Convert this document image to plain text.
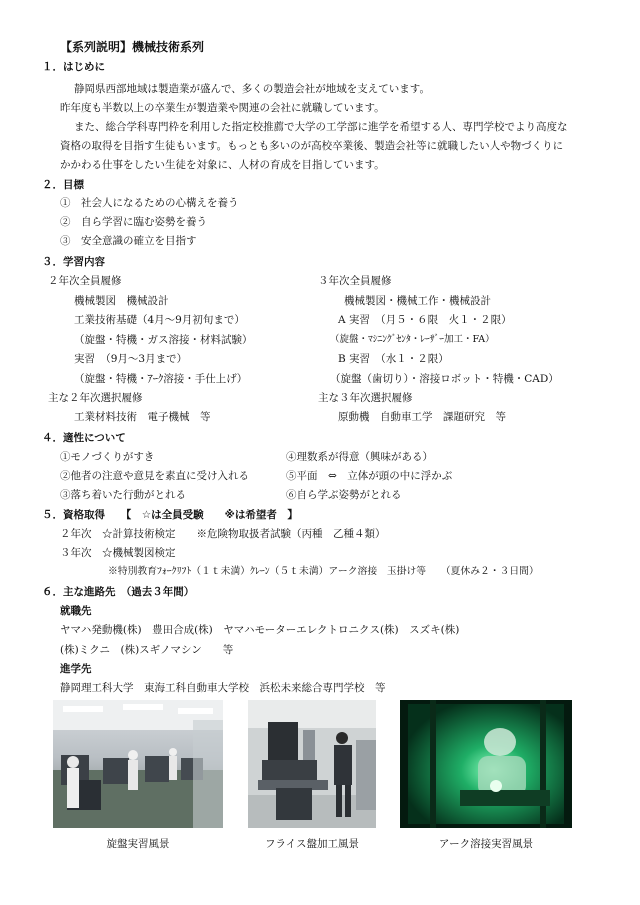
【系列説明】機械技術系列
１．はじめに
静岡県西部地域は製造業が盛んで、多くの製造会社が地域を支えています。
昨年度も半数以上の卒業生が製造業や関連の会社に就職しています。
また、総合学科専門枠を利用した指定校推薦で大学の工学部に進学を希望する人、専門学校でより高度な
資格の取得を目指す生徒もいます。もっとも多いのが高校卒業後、製造会社等に就職したい人や物づくりに
かかわる仕事をしたい生徒を対象に、人材の育成を目指しています。
２．目標
①　社会人になるための心構えを養う
②　自ら学習に臨む姿勢を養う
③　安全意識の確立を目指す
３．学習内容
２年次全員履修
機械製図　機械設計
工業技術基礎（4月～9月初旬まで）
（旋盤・特機・ガス溶接・材料試験）
実習　（9月～3月まで）
（旋盤・特機・ｱｰｸ溶接・手仕上げ）
主な２年次選択履修
工業材料技術　電子機械　等
３年次全員履修
機械製図・機械工作・機械設計
A 実習　（月５・６限　火１・２限）
（旋盤・ﾏｼﾆﾝｸﾞｾﾝﾀ・ﾚｰｻﾞｰ加工・FA）
B 実習　（水１・２限）
（旋盤（歯切り）・溶接ロボット・特機・CAD）
主な３年次選択履修
原動機　自動車工学　課題研究　等
４．適性について
①モノづくりがすき
②他者の注意や意見を素直に受け入れる
③落ち着いた行動がとれる
④理数系が得意（興味がある）
⑤平面　⇔　立体が頭の中に浮かぶ
⑥自ら学ぶ姿勢がとれる
５．資格取得　　【　☆は全員受験　　※は希望者　】
２年次　☆計算技術検定　　※危険物取扱者試験（丙種　乙種４類）
３年次　☆機械製図検定
※特別教育ﾌｫｰｸﾘﾌﾄ（１ｔ未満）ｸﾚｰﾝ（５ｔ未満）アーク溶接　玉掛け等　　（夏休み２・３日間）
６．主な進路先　（過去３年間）
就職先
ヤマハ発動機(株)　豊田合成(株)　ヤマハモーターエレクトロニクス(株)　スズキ(株)
(株)ミクニ　(株)スギノマシン　　等
進学先
静岡理工科大学　東海工科自動車大学校　浜松未来総合専門学校　等
旋盤実習風景	フライス盤加工風景	アーク溶接実習風景
